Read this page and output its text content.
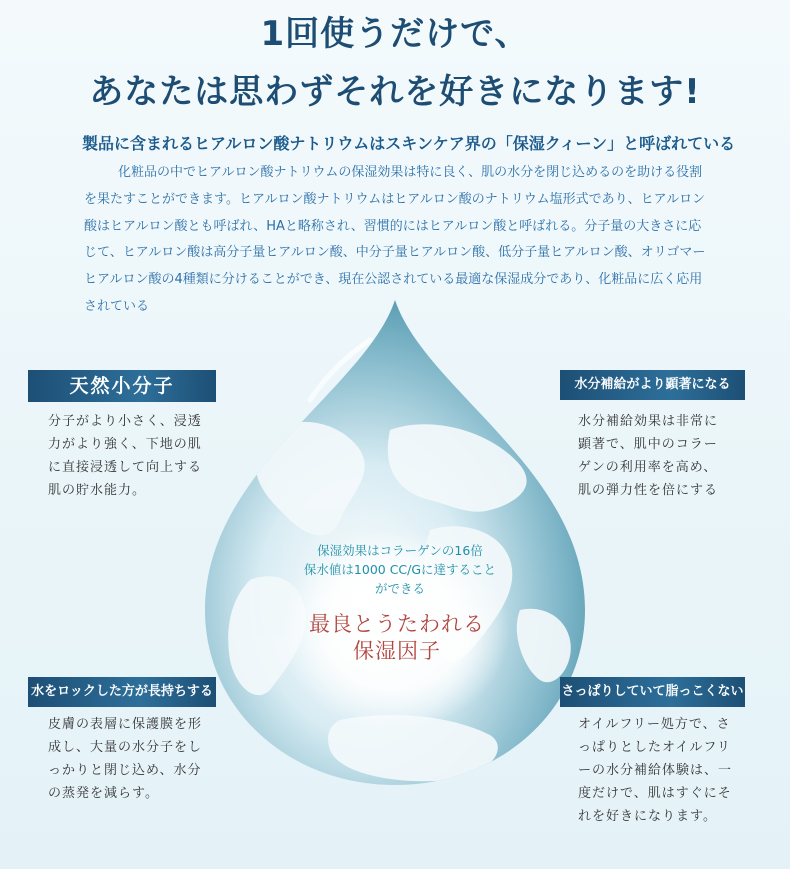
1回使うだけで、
あなたは思わずそれを好きになります!
製品に含まれるヒアルロン酸ナトリウムはスキンケア界の「保湿クィーン」と呼ばれている
化粧品の中でヒアルロン酸ナトリウムの保湿効果は特に良く、肌の水分を閉じ込めるのを助ける役割を果たすことができます。ヒアルロン酸ナトリウムはヒアルロン酸のナトリウム塩形式であり、ヒアルロン酸はヒアルロン酸とも呼ばれ、HAと略称され、習慣的にはヒアルロン酸と呼ばれる。分子量の大きさに応じて、ヒアルロン酸は高分子量ヒアルロン酸、中分子量ヒアルロン酸、低分子量ヒアルロン酸、オリゴマーヒアルロン酸の4種類に分けることができ、現在公認されている最適な保湿成分であり、化粧品に広く応用されている
天然小分子
分子がより小さく、浸透
力がより強く、下地の肌
に直接浸透して向上する
肌の貯水能力。
水分補給がより顕著になる
水分補給効果は非常に
顕著で、肌中のコラー
ゲンの利用率を高め、
肌の弾力性を倍にする
水をロックした方が長持ちする
皮膚の表層に保護膜を形
成し、大量の水分子をし
っかりと閉じ込め、水分
の蒸発を減らす。
さっぱりしていて脂っこくない
オイルフリー処方で、さ
っぱりとしたオイルフリ
ーの水分補給体験は、一
度だけで、肌はすぐにそ
れを好きになります。
保湿効果はコラーゲンの16倍
保水値は1000 CC/Gに達すること
ができる
最良とうたわれる
保湿因子
